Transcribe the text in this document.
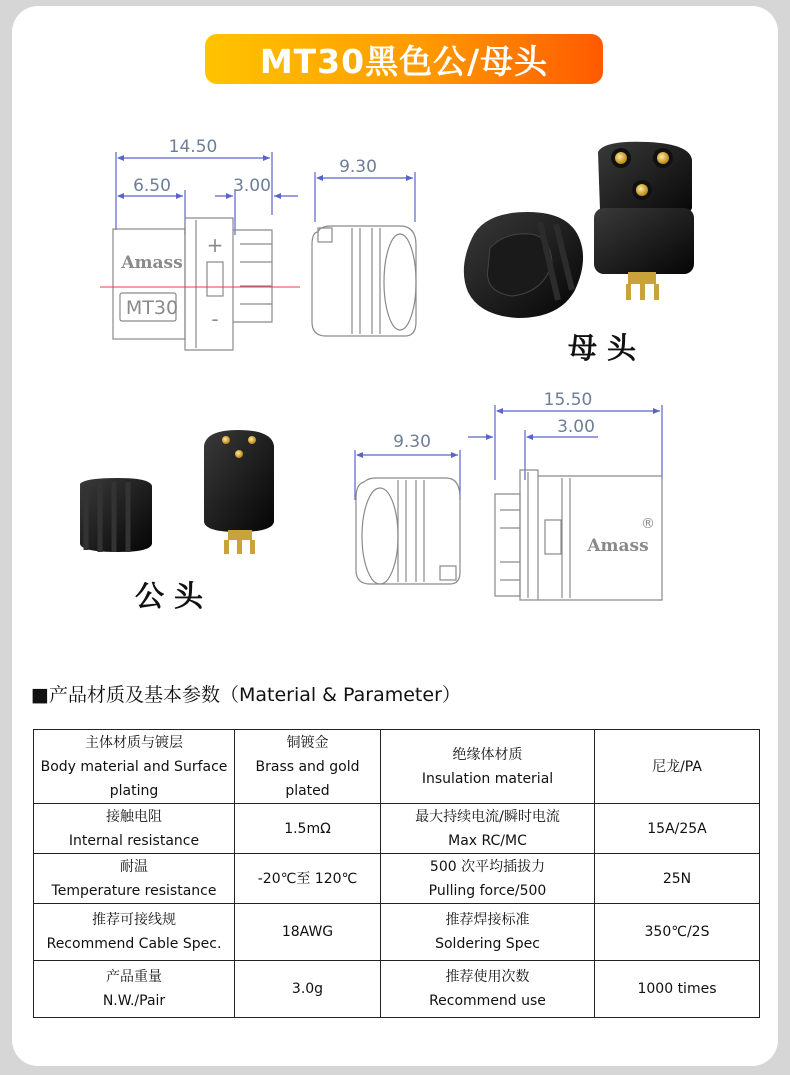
MT30黑色公/母头
14.50
6.50	3.00
Amass
MT30
+
-
9.30
9.30
15.50
3.00
Amass
®
母头
公头
■产品材质及基本参数（Material & Parameter）
主体材质与镀层
Body material and Surface plating	铜镀金
Brass and gold plated	绝缘体材质
Insulation material	尼龙/PA

接触电阻
Internal resistance	1.5mΩ	最大持续电流/瞬时电流
Max RC/MC	15A/25A

耐温
Temperature resistance	-20℃至 120℃	500 次平均插拔力
Pulling force/500	25N

推荐可接线规
Recommend Cable Spec.	18AWG	推荐焊接标准
Soldering Spec	350℃/2S

产品重量
N.W./Pair	3.0g	推荐使用次数
Recommend use	1000 times
